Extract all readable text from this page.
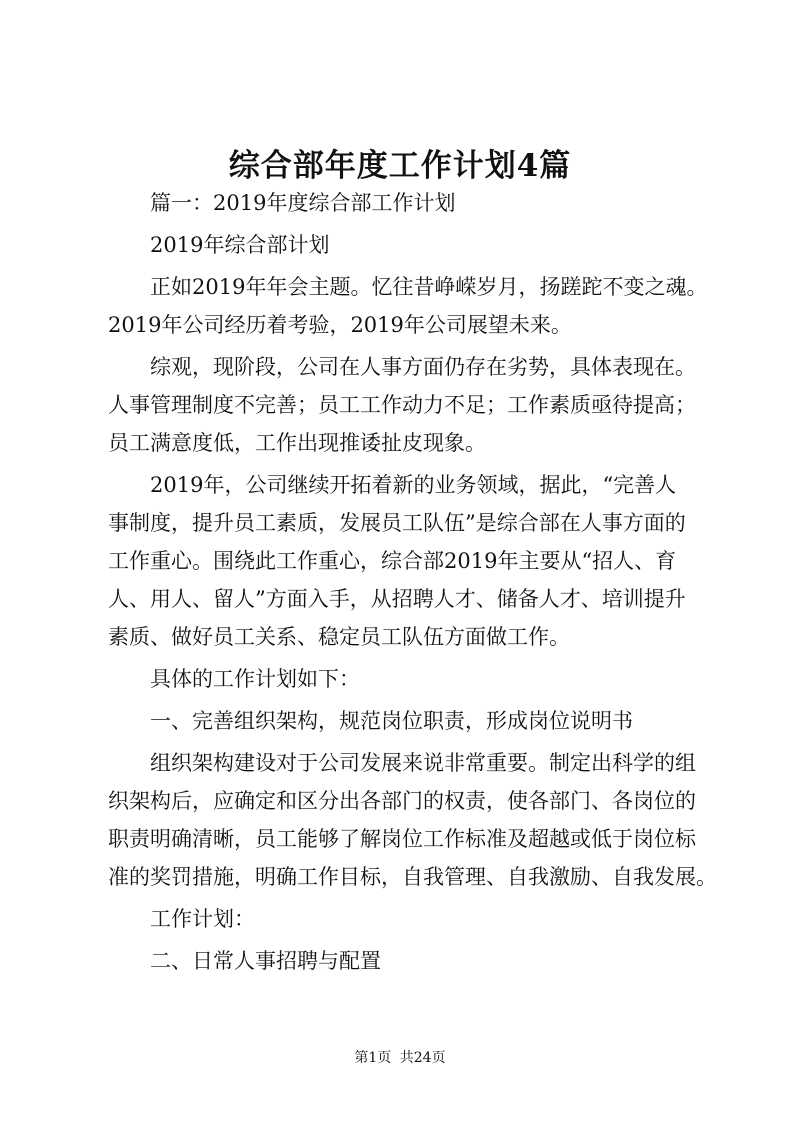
综合部年度工作计划4篇
篇一：2019年度综合部工作计划
2019年综合部计划
正如2019年年会主题。忆往昔峥嵘岁月，扬蹉跎不变之魂。
2019年公司经历着考验，2019年公司展望未来。
综观，现阶段，公司在人事方面仍存在劣势，具体表现在。
人事管理制度不完善；员工工作动力不足；工作素质亟待提高；
员工满意度低，工作出现推诿扯皮现象。
2019年，公司继续开拓着新的业务领域，据此，“完善人
事制度，提升员工素质，发展员工队伍”是综合部在人事方面的
工作重心。围绕此工作重心，综合部2019年主要从“招人、育
人、用人、留人”方面入手，从招聘人才、储备人才、培训提升
素质、做好员工关系、稳定员工队伍方面做工作。
具体的工作计划如下：
一、完善组织架构，规范岗位职责，形成岗位说明书
组织架构建设对于公司发展来说非常重要。制定出科学的组
织架构后，应确定和区分出各部门的权责，使各部门、各岗位的
职责明确清晰，员工能够了解岗位工作标准及超越或低于岗位标
准的奖罚措施，明确工作目标，自我管理、自我激励、自我发展。
工作计划：
二、日常人事招聘与配置
第1页 共24页
